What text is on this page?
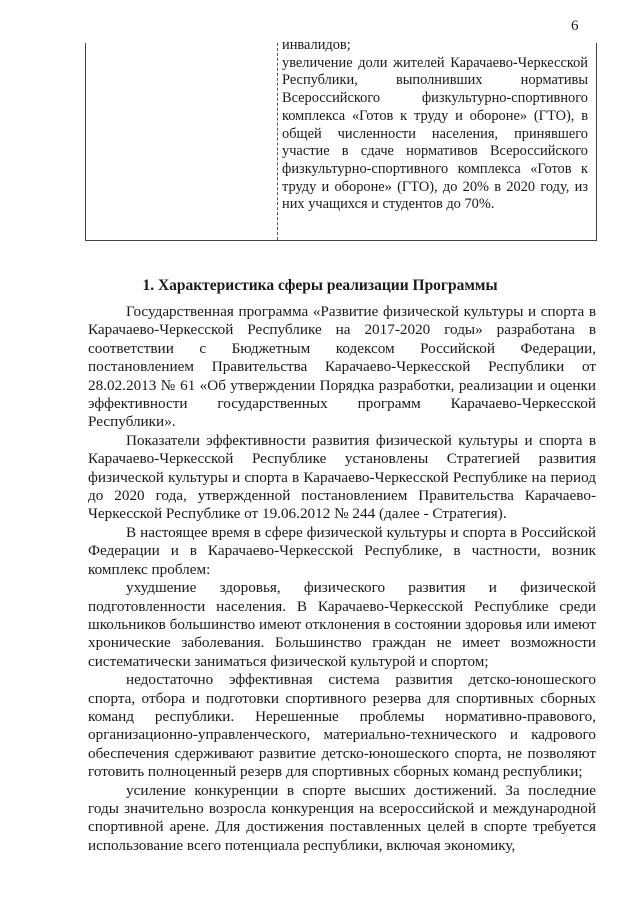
6

инвалидов;

увеличение доли жителей Карачаево-Черкесской Республики, выполнивших нормативы Всероссийского физкультурно-спортивного комплекса «Готов к труду и обороне» (ГТО), в общей численности населения, принявшего участие в сдаче нормативов Всероссийского физкультурно-спортивного комплекса «Готов к труду и обороне» (ГТО), до 20% в 2020 году, из них учащихся и студентов до 70%.

1. Характеристика сферы реализации Программы

Государственная программа «Развитие физической культуры и спорта в Карачаево-Черкесской Республике на 2017-2020 годы» разработана в соответствии с Бюджетным кодексом Российской Федерации, постановлением Правительства Карачаево-Черкесской Республики от 28.02.2013 № 61 «Об утверждении Порядка разработки, реализации и оценки эффективности государственных программ Карачаево-Черкесской Республики».

Показатели эффективности развития физической культуры и спорта в Карачаево-Черкесской Республике установлены Стратегией развития физической культуры и спорта в Карачаево-Черкесской Республике на период до 2020 года, утвержденной постановлением Правительства Карачаево-Черкесской Республике от 19.06.2012 № 244 (далее - Стратегия).

В настоящее время в сфере физической культуры и спорта в Российской Федерации и в Карачаево-Черкесской Республике, в частности, возник комплекс проблем:

ухудшение здоровья, физического развития и физической подготовленности населения. В Карачаево-Черкесской Республике среди школьников большинство имеют отклонения в состоянии здоровья или имеют хронические заболевания. Большинство граждан не имеет возможности систематически заниматься физической культурой и спортом;

недостаточно эффективная система развития детско-юношеского спорта, отбора и подготовки спортивного резерва для спортивных сборных команд республики. Нерешенные проблемы нормативно-правового, организационно-управленческого, материально-технического и кадрового обеспечения сдерживают развитие детско-юношеского спорта, не позволяют готовить полноценный резерв для спортивных сборных команд республики;

усиление конкуренции в спорте высших достижений. За последние годы значительно возросла конкуренция на всероссийской и международной спортивной арене. Для достижения поставленных целей в спорте требуется использование всего потенциала республики, включая экономику,
